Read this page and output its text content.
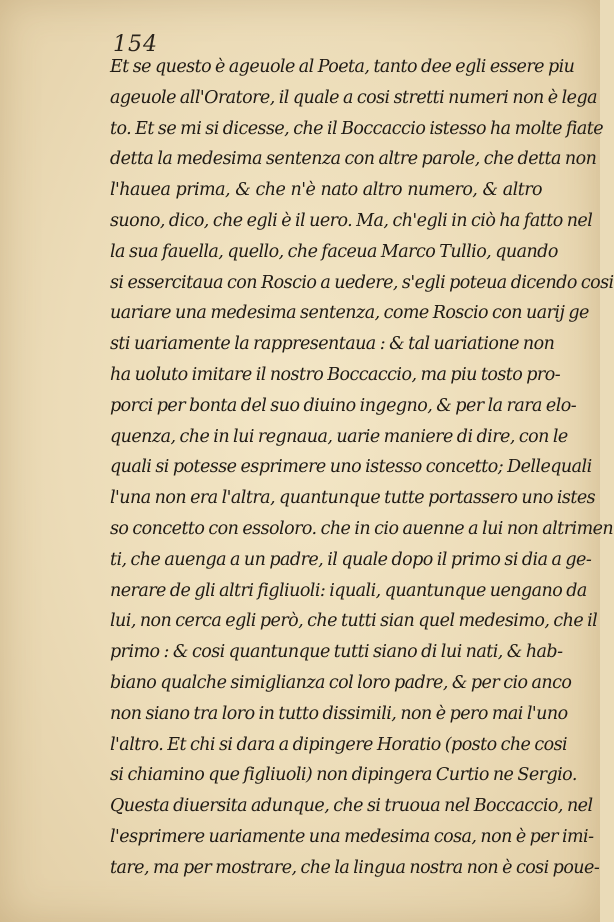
154
Et se questo è ageuole al Poeta, tanto dee egli essere piu
ageuole all'Oratore, il quale a cosi stretti numeri non è lega
to. Et se mi si dicesse, che il Boccaccio istesso ha molte fiate
detta la medesima sentenza con altre parole, che detta non
l'hauea prima, & che n'è nato altro numero, & altro
suono, dico, che egli è il uero. Ma, ch'egli in ciò ha fatto nel
la sua fauella, quello, che faceua Marco Tullio, quando
si essercitaua con Roscio a uedere, s'egli poteua dicendo cosi
uariare una medesima sentenza, come Roscio con uarij ge
sti uariamente la rappresentaua : & tal uariatione non
ha uoluto imitare il nostro Boccaccio, ma piu tosto pro-
porci per bonta del suo diuino ingegno, & per la rara elo-
quenza, che in lui regnaua, uarie maniere di dire, con le
quali si potesse esprimere uno istesso concetto; Dellequali
l'una non era l'altra, quantunque tutte portassero uno istes
so concetto con essoloro. che in cio auenne a lui non altrimen
ti, che auenga a un padre, il quale dopo il primo si dia a ge-
nerare de gli altri figliuoli: iquali, quantunque uengano da
lui, non cerca egli però, che tutti sian quel medesimo, che il
primo : & cosi quantunque tutti siano di lui nati, & hab-
biano qualche simiglianza col loro padre, & per cio anco
non siano tra loro in tutto dissimili, non è pero mai l'uno
l'altro. Et chi si dara a dipingere Horatio (posto che cosi
si chiamino que figliuoli) non dipingera Curtio ne Sergio.
Questa diuersita adunque, che si truoua nel Boccaccio, nel
l'esprimere uariamente una medesima cosa, non è per imi-
tare, ma per mostrare, che la lingua nostra non è cosi poue-
